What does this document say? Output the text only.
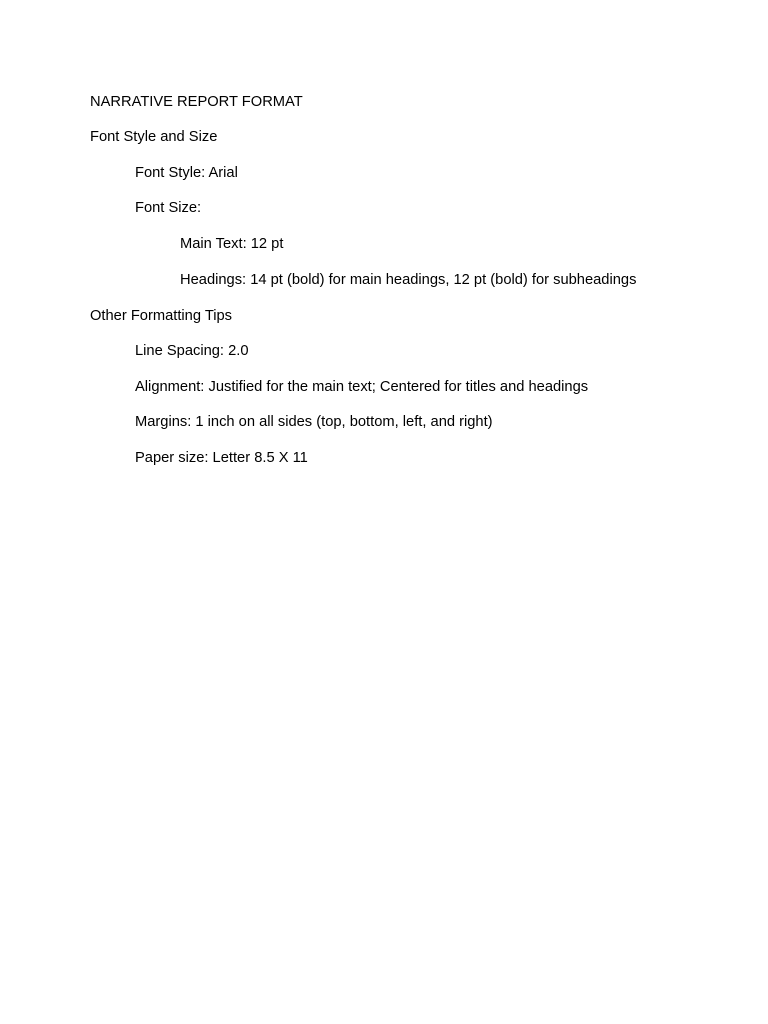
NARRATIVE REPORT FORMAT
Font Style and Size
Font Style: Arial
Font Size:
Main Text: 12 pt
Headings: 14 pt (bold) for main headings, 12 pt (bold) for subheadings
Other Formatting Tips
Line Spacing: 2.0
Alignment: Justified for the main text; Centered for titles and headings
Margins: 1 inch on all sides (top, bottom, left, and right)
Paper size: Letter 8.5 X 11
